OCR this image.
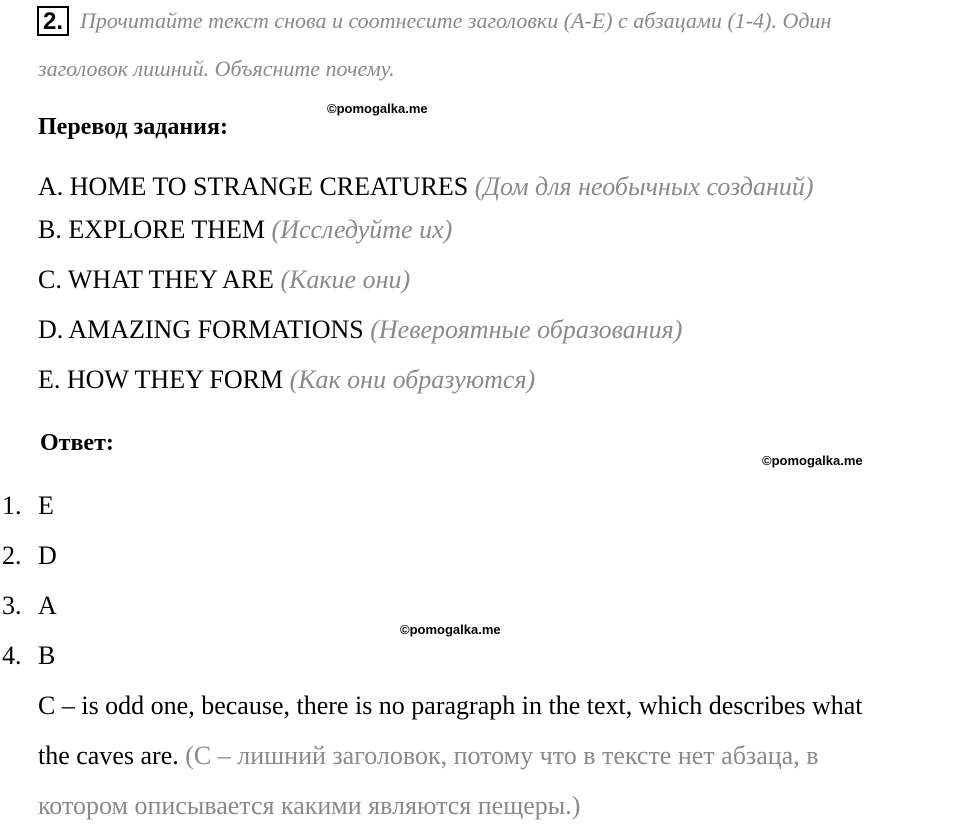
2. Прочитайте текст снова и соотнесите заголовки (A-E) с абзацами (1-4). Один
заголовок лишний. Объясните почему.
©pomogalka.me
Перевод задания:
A. HOME TO STRANGE CREATURES (Дом для необычных созданий)
B. EXPLORE THEM (Исследуйте их)
C. WHAT THEY ARE (Какие они)
D. AMAZING FORMATIONS (Невероятные образования)
E. HOW THEY FORM (Как они образуются)
Ответ:
©pomogalka.me
1. E
2. D
3. A
4. B
©pomogalka.me
C – is odd one, because, there is no paragraph in the text, which describes what
the caves are. (С – лишний заголовок, потому что в тексте нет абзаца, в
котором описывается какими являются пещеры.)
